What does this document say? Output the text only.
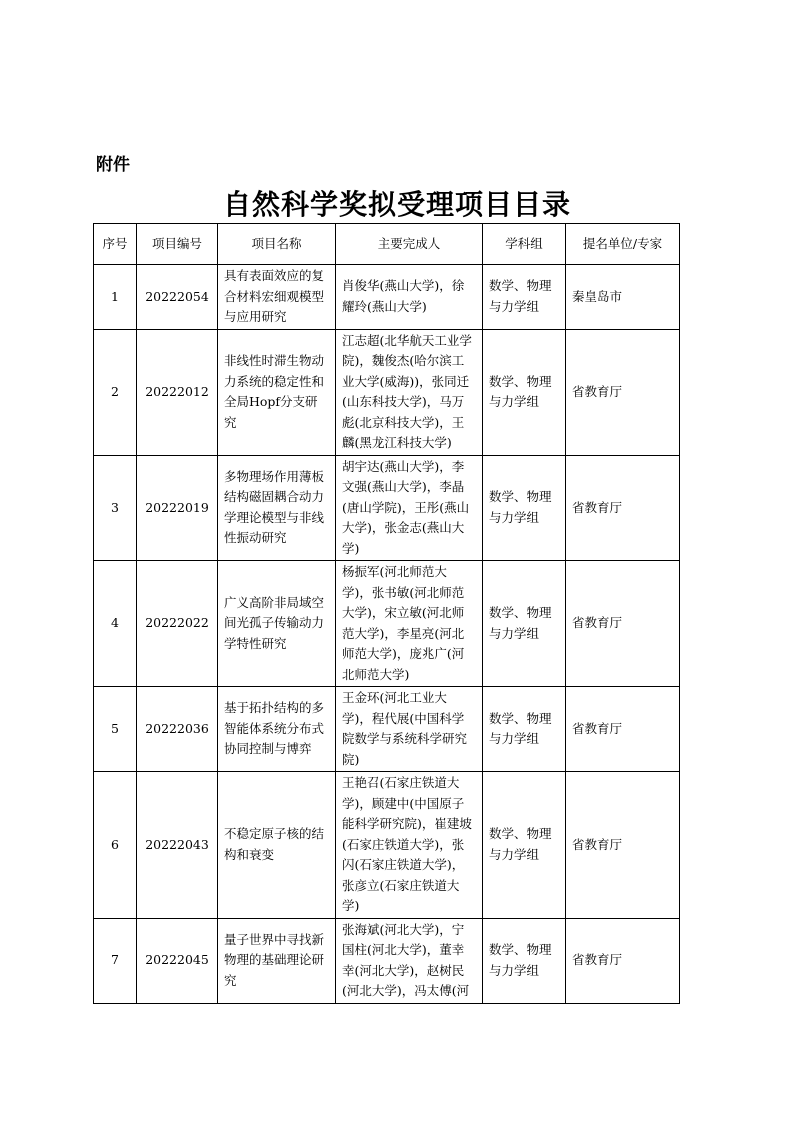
附件
自然科学奖拟受理项目目录
序号	项目编号	项目名称	主要完成人	学科组	提名单位/专家
1	20222054	具有表面效应的复合材料宏细观模型与应用研究	肖俊华(燕山大学)，徐耀玲(燕山大学)	数学、物理与力学组	秦皇岛市
2	20222012	非线性时滞生物动力系统的稳定性和全局Hopf分支研究	江志超(北华航天工业学院)，魏俊杰(哈尔滨工业大学(威海))，张同迁(山东科技大学)，马万彪(北京科技大学)，王麟(黑龙江科技大学)	数学、物理与力学组	省教育厅
3	20222019	多物理场作用薄板结构磁固耦合动力学理论模型与非线性振动研究	胡宇达(燕山大学)，李文强(燕山大学)，李晶(唐山学院)，王彤(燕山大学)，张金志(燕山大学)	数学、物理与力学组	省教育厅
4	20222022	广义高阶非局域空间光孤子传输动力学特性研究	杨振军(河北师范大学)，张书敏(河北师范大学)，宋立敏(河北师范大学)，李星亮(河北师范大学)，庞兆广(河北师范大学)	数学、物理与力学组	省教育厅
5	20222036	基于拓扑结构的多智能体系统分布式协同控制与博弈	王金环(河北工业大学)，程代展(中国科学院数学与系统科学研究院)	数学、物理与力学组	省教育厅
6	20222043	不稳定原子核的结构和衰变	王艳召(石家庄铁道大学)，顾建中(中国原子能科学研究院)，崔建坡(石家庄铁道大学)，张闪(石家庄铁道大学)，张彦立(石家庄铁道大学)	数学、物理与力学组	省教育厅
7	20222045	量子世界中寻找新物理的基础理论研究	张海斌(河北大学)，宁国柱(河北大学)，董幸幸(河北大学)，赵树民(河北大学)，冯太傅(河	数学、物理与力学组	省教育厅
